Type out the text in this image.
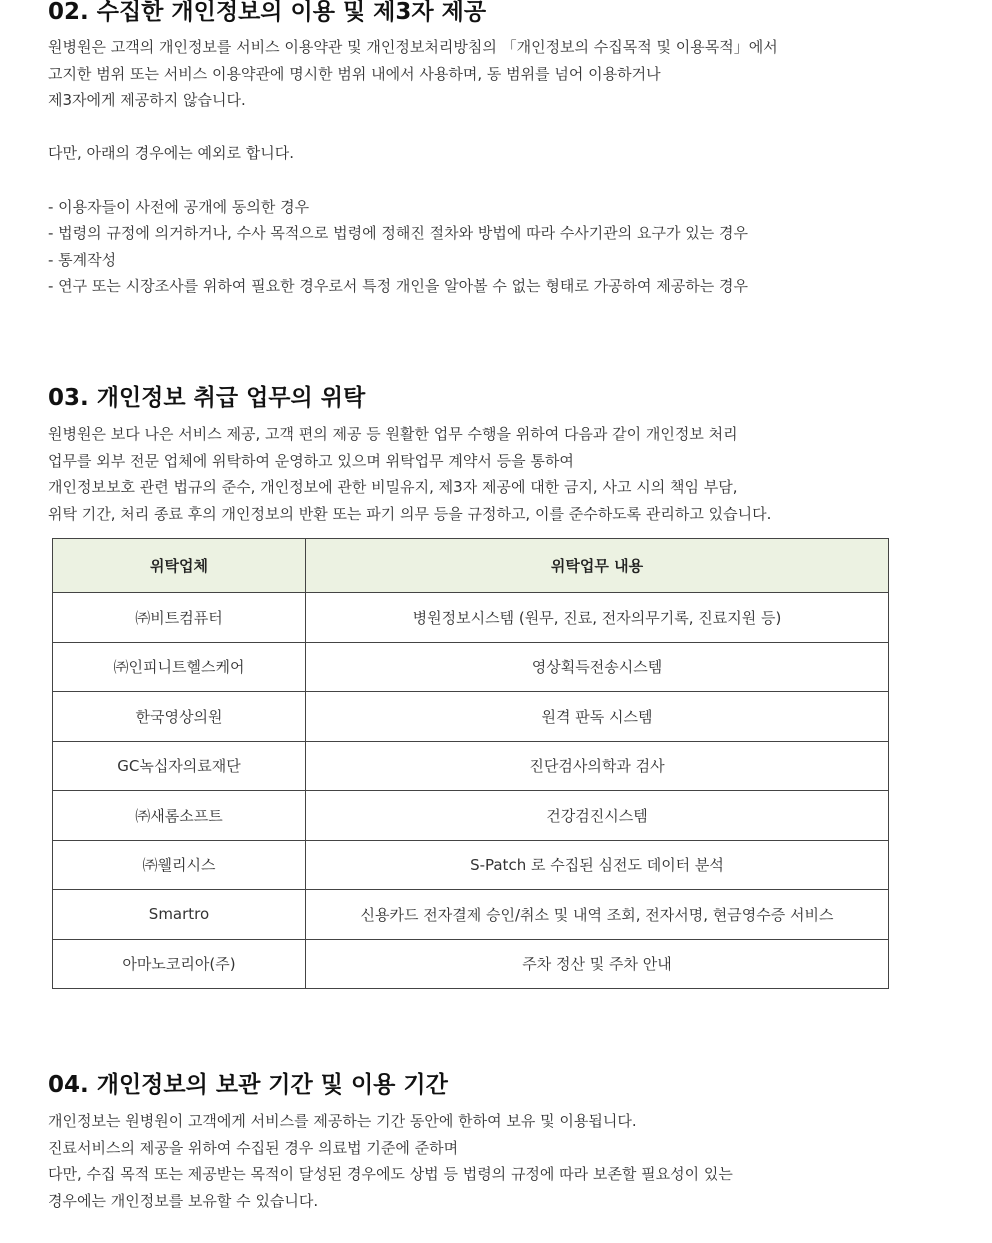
02. 수집한 개인정보의 이용 및 제3자 제공
원병원은 고객의 개인정보를 서비스 이용약관 및 개인정보처리방침의 「개인정보의 수집목적 및 이용목적」에서
고지한 범위 또는 서비스 이용약관에 명시한 범위 내에서 사용하며, 동 범위를 넘어 이용하거나
제3자에게 제공하지 않습니다.
다만, 아래의 경우에는 예외로 합니다.
- 이용자들이 사전에 공개에 동의한 경우
- 법령의 규정에 의거하거나, 수사 목적으로 법령에 정해진 절차와 방법에 따라 수사기관의 요구가 있는 경우
- 통계작성
- 연구 또는 시장조사를 위하여 필요한 경우로서 특정 개인을 알아볼 수 없는 형태로 가공하여 제공하는 경우
03. 개인정보 취급 업무의 위탁
원병원은 보다 나은 서비스 제공, 고객 편의 제공 등 원활한 업무 수행을 위하여 다음과 같이 개인정보 처리
업무를 외부 전문 업체에 위탁하여 운영하고 있으며 위탁업무 계약서 등을 통하여
개인정보보호 관련 법규의 준수, 개인정보에 관한 비밀유지, 제3자 제공에 대한 금지, 사고 시의 책임 부담,
위탁 기간, 처리 종료 후의 개인정보의 반환 또는 파기 의무 등을 규정하고, 이를 준수하도록 관리하고 있습니다.
위탁업체	위탁업무 내용
㈜비트컴퓨터	병원정보시스템 (원무, 진료, 전자의무기록, 진료지원 등)
㈜인피니트헬스케어	영상획득전송시스템
한국영상의원	원격 판독 시스템
GC녹십자의료재단	진단검사의학과 검사
㈜새롬소프트	건강검진시스템
㈜웰리시스	S-Patch 로 수집된 심전도 데이터 분석
Smartro	신용카드 전자결제 승인/취소 및 내역 조회, 전자서명, 현금영수증 서비스
아마노코리아(주)	주차 정산 및 주차 안내
04. 개인정보의 보관 기간 및 이용 기간
개인정보는 원병원이 고객에게 서비스를 제공하는 기간 동안에 한하여 보유 및 이용됩니다.
진료서비스의 제공을 위하여 수집된 경우 의료법 기준에 준하며
다만, 수집 목적 또는 제공받는 목적이 달성된 경우에도 상법 등 법령의 규정에 따라 보존할 필요성이 있는
경우에는 개인정보를 보유할 수 있습니다.
